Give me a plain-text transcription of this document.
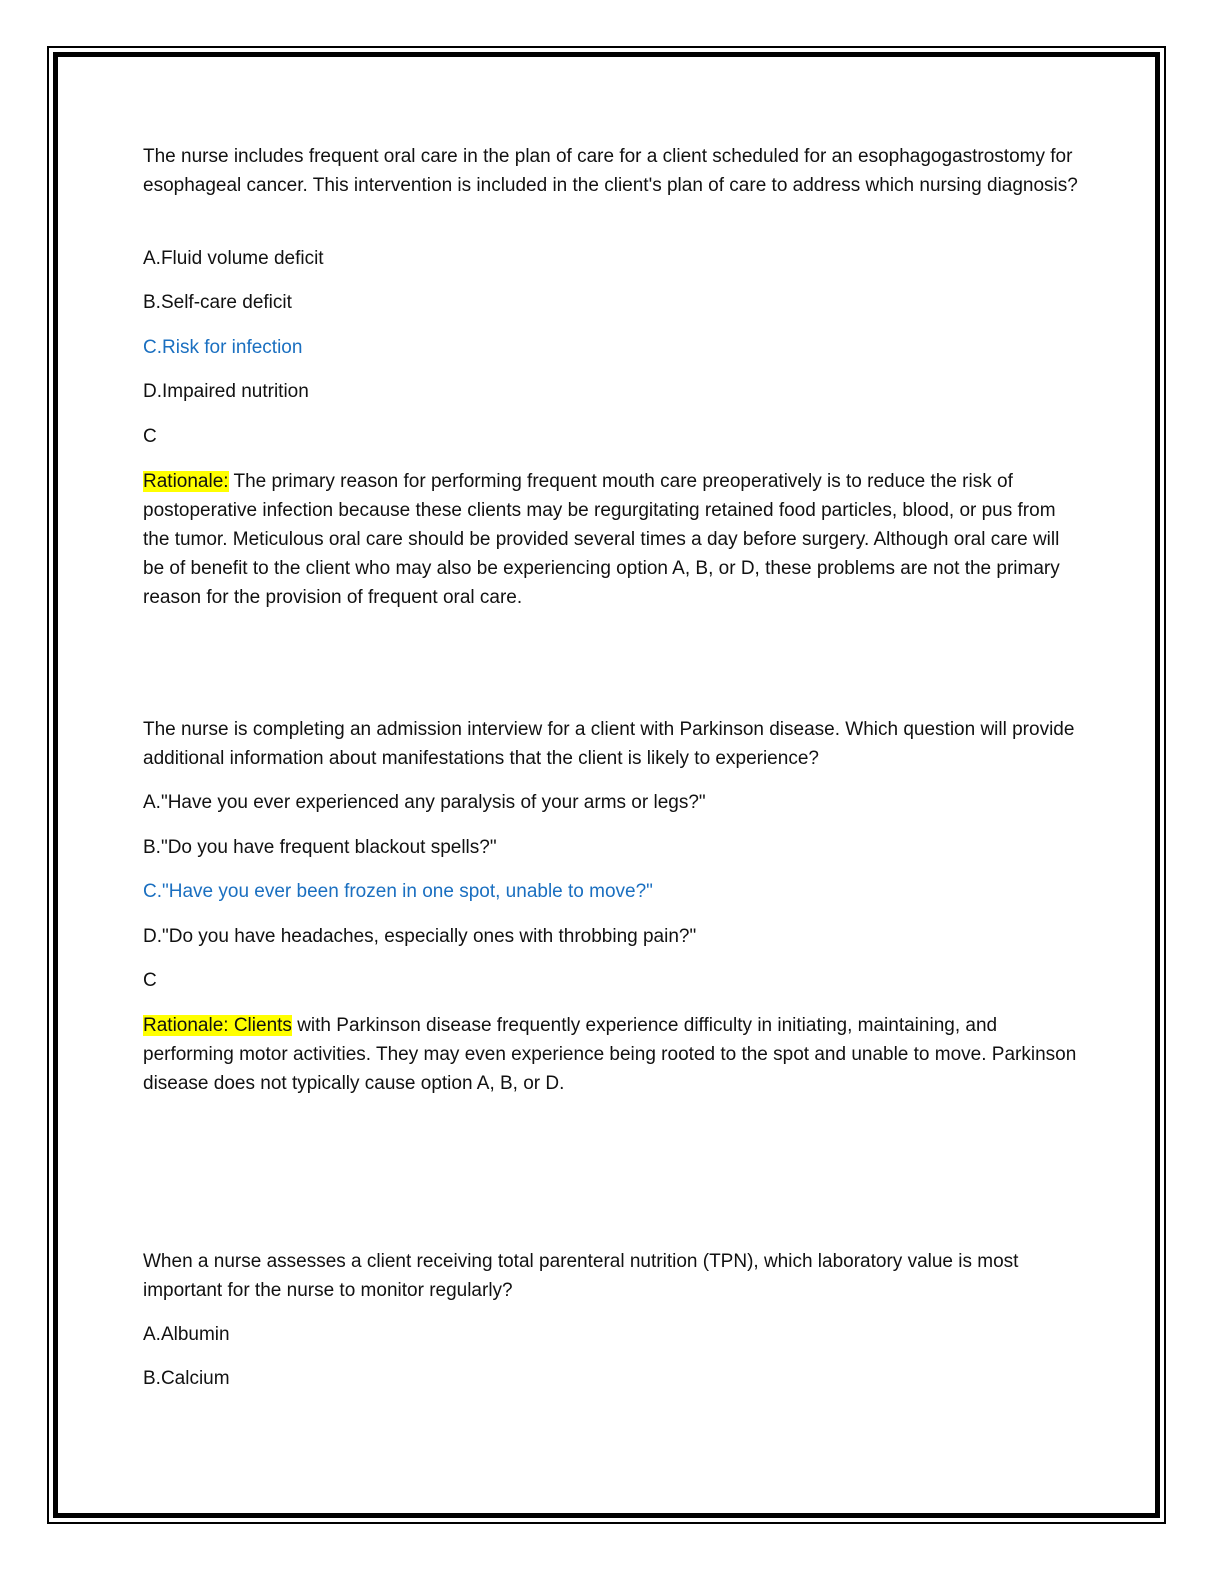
The nurse includes frequent oral care in the plan of care for a client scheduled for an esophagogastrostomy for esophageal cancer. This intervention is included in the client's plan of care to address which nursing diagnosis?

A.Fluid volume deficit

B.Self-care deficit

C.Risk for infection

D.Impaired nutrition

C

Rationale: The primary reason for performing frequent mouth care preoperatively is to reduce the risk of postoperative infection because these clients may be regurgitating retained food particles, blood, or pus from the tumor. Meticulous oral care should be provided several times a day before surgery. Although oral care will be of benefit to the client who may also be experiencing option A, B, or D, these problems are not the primary reason for the provision of frequent oral care.

The nurse is completing an admission interview for a client with Parkinson disease. Which question will provide additional information about manifestations that the client is likely to experience?

A."Have you ever experienced any paralysis of your arms or legs?"

B."Do you have frequent blackout spells?"

C."Have you ever been frozen in one spot, unable to move?"

D."Do you have headaches, especially ones with throbbing pain?"

C

Rationale: Clients with Parkinson disease frequently experience difficulty in initiating, maintaining, and performing motor activities. They may even experience being rooted to the spot and unable to move. Parkinson disease does not typically cause option A, B, or D.

When a nurse assesses a client receiving total parenteral nutrition (TPN), which laboratory value is most important for the nurse to monitor regularly?

A.Albumin

B.Calcium
